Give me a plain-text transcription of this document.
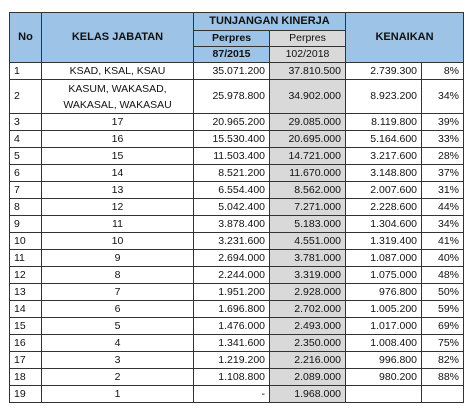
No	KELAS JABATAN	TUNJANGAN KINERJA		KENAIKAN	
		Perpres	Perpres		
		87/2015	102/2018		
1	KSAD, KSAL, KSAU	35.071.200	37.810.500	2.739.300	8%
2	KASUM, WAKASAD,
WAKASAL, WAKASAU	25.978.800	34.902.000	8.923.200	34%
3	17	20.965.200	29.085.000	8.119.800	39%
4	16	15.530.400	20.695.000	5.164.600	33%
5	15	11.503.400	14.721.000	3.217.600	28%
6	14	8.521.200	11.670.000	3.148.800	37%
7	13	6.554.400	8.562.000	2.007.600	31%
8	12	5.042.400	7.271.000	2.228.600	44%
9	11	3.878.400	5.183.000	1.304.600	34%
10	10	3.231.600	4.551.000	1.319.400	41%
11	9	2.694.000	3.781.000	1.087.000	40%
12	8	2.244.000	3.319.000	1.075.000	48%
13	7	1.951.200	2.928.000	976.800	50%
14	6	1.696.800	2.702.000	1.005.200	59%
15	5	1.476.000	2.493.000	1.017.000	69%
16	4	1.341.600	2.350.000	1.008.400	75%
17	3	1.219.200	2.216.000	996.800	82%
18	2	1.108.800	2.089.000	980.200	88%
19	1	-	1.968.000		
